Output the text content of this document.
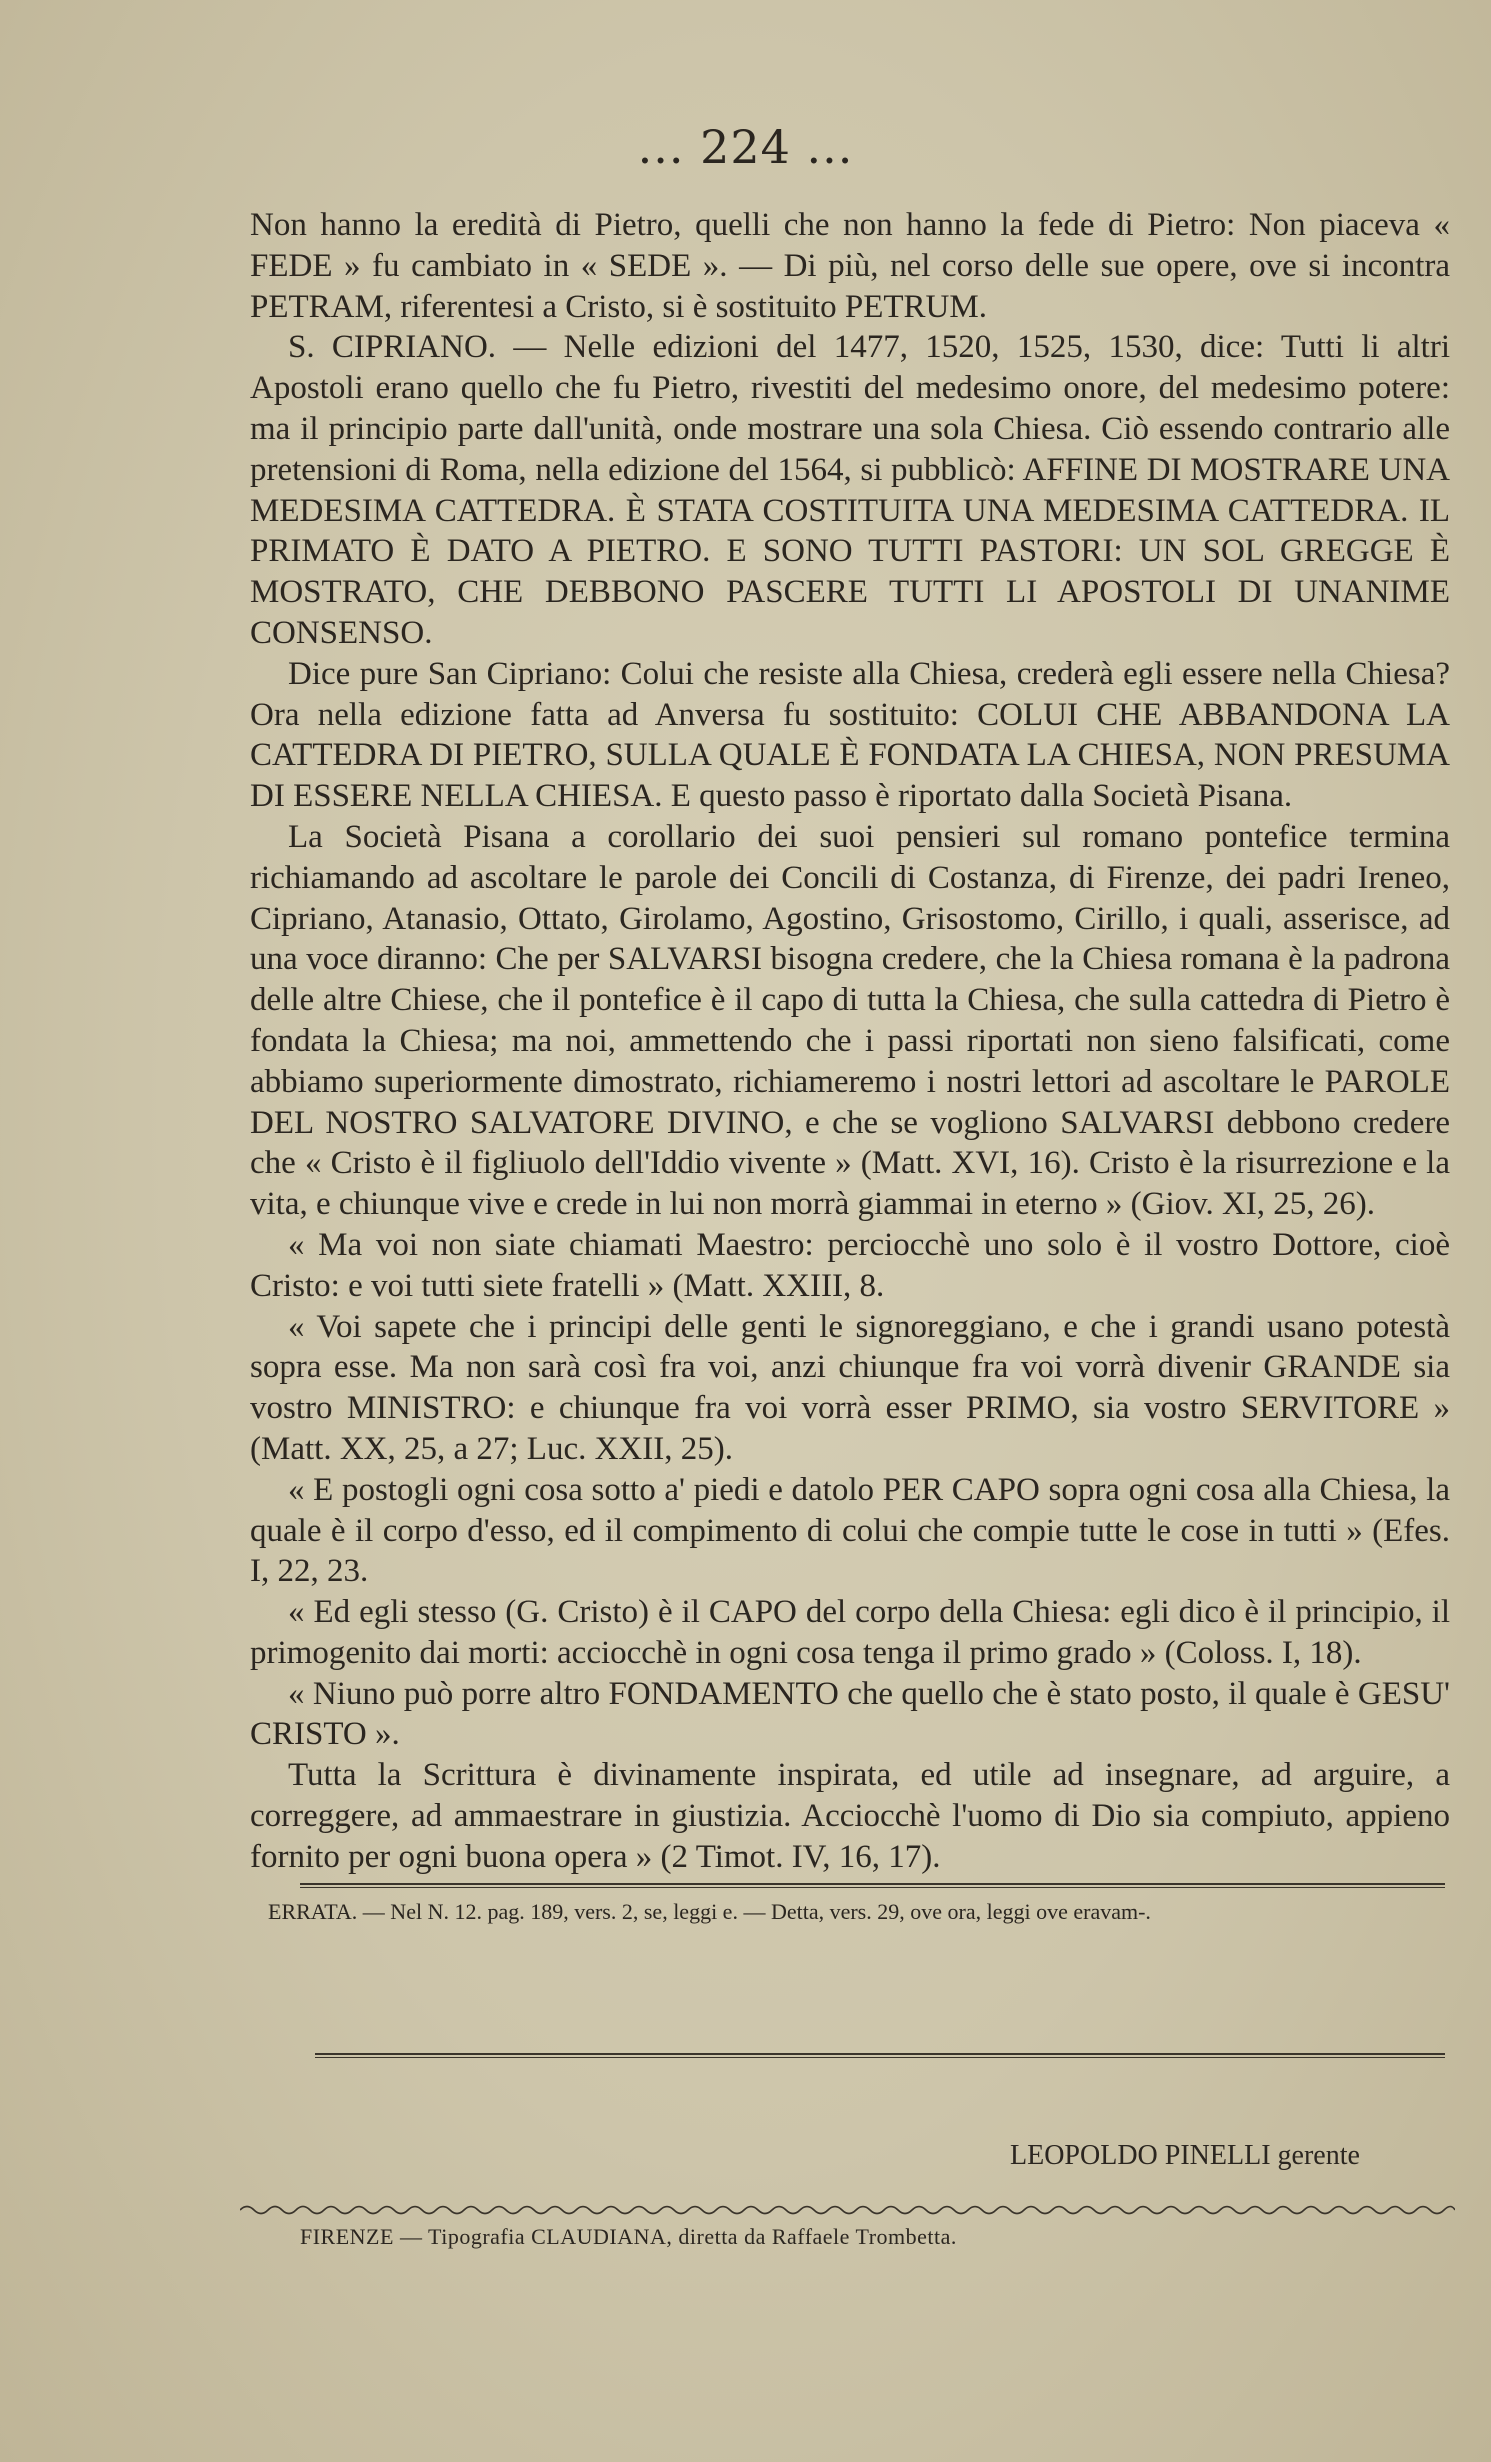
... 224 ...

Non hanno la eredità di Pietro, quelli che non hanno la fede di Pietro: Non piaceva « FEDE » fu cambiato in « SEDE ». — Di più, nel corso delle sue opere, ove si incontra PETRAM, riferentesi a Cristo, si è sostituito PETRUM.

S. CIPRIANO. — Nelle edizioni del 1477, 1520, 1525, 1530, dice: Tutti li altri Apostoli erano quello che fu Pietro, rivestiti del medesimo onore, del medesimo potere: ma il principio parte dall'unità, onde mostrare una sola Chiesa. Ciò essendo contrario alle pretensioni di Roma, nella edizione del 1564, si pubblicò: AFFINE DI MOSTRARE UNA MEDESIMA CATTEDRA. È STATA COSTITUITA UNA MEDESIMA CATTEDRA. IL PRIMATO È DATO A PIETRO. E SONO TUTTI PASTORI: UN SOL GREGGE È MOSTRATO, CHE DEBBONO PASCERE TUTTI LI APOSTOLI DI UNANIME CONSENSO.

Dice pure San Cipriano: Colui che resiste alla Chiesa, crederà egli essere nella Chiesa? Ora nella edizione fatta ad Anversa fu sostituito: COLUI CHE ABBANDONA LA CATTEDRA DI PIETRO, SULLA QUALE È FONDATA LA CHIESA, NON PRESUMA DI ESSERE NELLA CHIESA. E questo passo è riportato dalla Società Pisana.

La Società Pisana a corollario dei suoi pensieri sul romano pontefice termina richiamando ad ascoltare le parole dei Concili di Costanza, di Firenze, dei padri Ireneo, Cipriano, Atanasio, Ottato, Girolamo, Agostino, Grisostomo, Cirillo, i quali, asserisce, ad una voce diranno: Che per SALVARSI bisogna credere, che la Chiesa romana è la padrona delle altre Chiese, che il pontefice è il capo di tutta la Chiesa, che sulla cattedra di Pietro è fondata la Chiesa; ma noi, ammettendo che i passi riportati non sieno falsificati, come abbiamo superiormente dimostrato, richiameremo i nostri lettori ad ascoltare le PAROLE DEL NOSTRO SALVATORE DIVINO, e che se vogliono SALVARSI debbono credere che « Cristo è il figliuolo dell'Iddio vivente » (Matt. XVI, 16). Cristo è la risurrezione e la vita, e chiunque vive e crede in lui non morrà giammai in eterno » (Giov. XI, 25, 26).

« Ma voi non siate chiamati Maestro: perciocchè uno solo è il vostro Dottore, cioè Cristo: e voi tutti siete fratelli » (Matt. XXIII, 8.

« Voi sapete che i principi delle genti le signoreggiano, e che i grandi usano potestà sopra esse. Ma non sarà così fra voi, anzi chiunque fra voi vorrà divenir GRANDE sia vostro MINISTRO: e chiunque fra voi vorrà esser PRIMO, sia vostro SERVITORE » (Matt. XX, 25, a 27; Luc. XXII, 25).

« E postogli ogni cosa sotto a' piedi e datolo PER CAPO sopra ogni cosa alla Chiesa, la quale è il corpo d'esso, ed il compimento di colui che compie tutte le cose in tutti » (Efes. I, 22, 23.

« Ed egli stesso (G. Cristo) è il CAPO del corpo della Chiesa: egli dico è il principio, il primogenito dai morti: acciocchè in ogni cosa tenga il primo grado » (Coloss. I, 18).

« Niuno può porre altro FONDAMENTO che quello che è stato posto, il quale è GESU' CRISTO ».

Tutta la Scrittura è divinamente inspirata, ed utile ad insegnare, ad arguire, a correggere, ad ammaestrare in giustizia. Acciocchè l'uomo di Dio sia compiuto, appieno fornito per ogni buona opera » (2 Timot. IV, 16, 17).

ERRATA. — Nel N. 12. pag. 189, vers. 2, se, leggi e. — Detta, vers. 29, ove ora, leggi ove eravam-.
LEOPOLDO PINELLI gerente
FIRENZE — Tipografia CLAUDIANA, diretta da Raffaele Trombetta.
